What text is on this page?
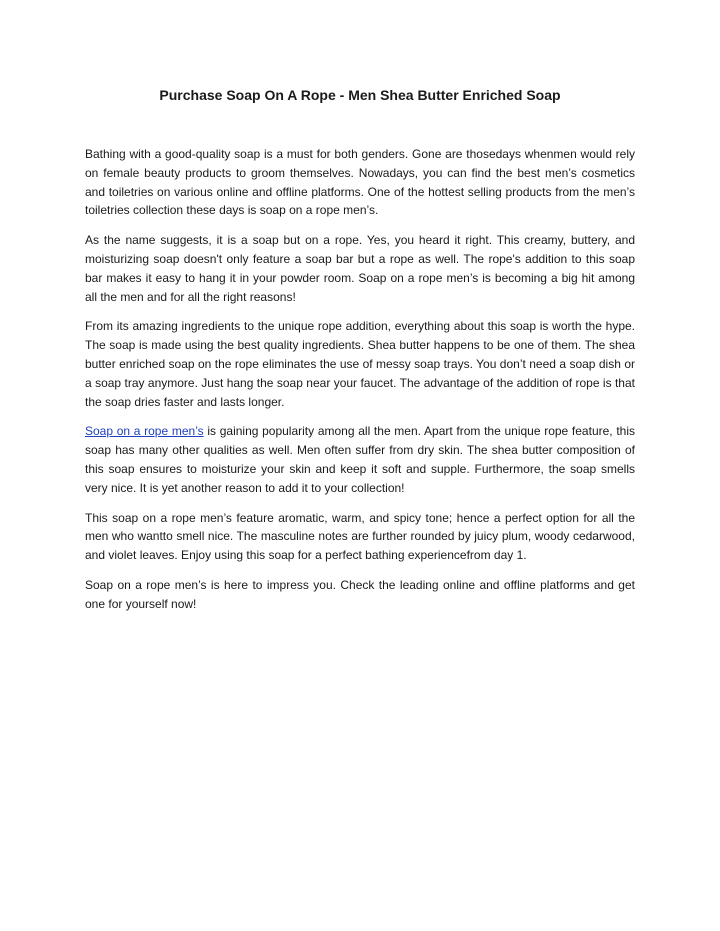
Purchase Soap On A Rope - Men Shea Butter Enriched Soap

Bathing with a good-quality soap is a must for both genders. Gone are thosedays whenmen would rely on female beauty products to groom themselves. Nowadays, you can find the best men’s cosmetics and toiletries on various online and offline platforms. One of the hottest selling products from the men’s toiletries collection these days is soap on a rope men’s.

As the name suggests, it is a soap but on a rope. Yes, you heard it right. This creamy, buttery, and moisturizing soap doesn't only feature a soap bar but a rope as well. The rope's addition to this soap bar makes it easy to hang it in your powder room. Soap on a rope men’s is becoming a big hit among all the men and for all the right reasons!

From its amazing ingredients to the unique rope addition, everything about this soap is worth the hype. The soap is made using the best quality ingredients. Shea butter happens to be one of them. The shea butter enriched soap on the rope eliminates the use of messy soap trays. You don’t need a soap dish or a soap tray anymore. Just hang the soap near your faucet. The advantage of the addition of rope is that the soap dries faster and lasts longer.

Soap on a rope men’s is gaining popularity among all the men. Apart from the unique rope feature, this soap has many other qualities as well. Men often suffer from dry skin. The shea butter composition of this soap ensures to moisturize your skin and keep it soft and supple. Furthermore, the soap smells very nice. It is yet another reason to add it to your collection!

This soap on a rope men’s feature aromatic, warm, and spicy tone; hence a perfect option for all the men who wantto smell nice. The masculine notes are further rounded by juicy plum, woody cedarwood, and violet leaves. Enjoy using this soap for a perfect bathing experiencefrom day 1.

Soap on a rope men’s is here to impress you. Check the leading online and offline platforms and get one for yourself now!
